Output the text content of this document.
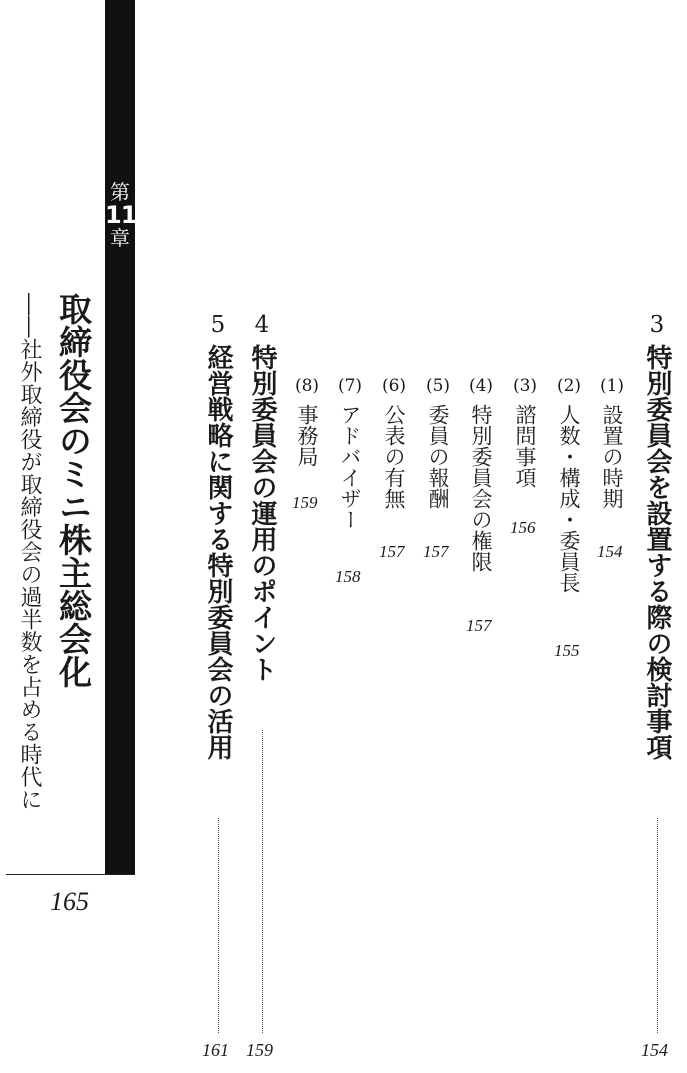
3
特別委員会を設置する際の検討事項
154
(1)
設置の時期
154
(2)
人数・構成・委員長
155
(3)
諮問事項
156
(4)
特別委員会の権限
157
(5)
委員の報酬
157
(6)
公表の有無
157
(7)
アドバイザー
158
(8)
事務局
159
4
特別委員会の運用のポイント
159
5
経営戦略に関する特別委員会の活用
161
第
11
章
取締役会のミニ株主総会化
――社外取締役が取締役会の過半数を占める時代に
165
